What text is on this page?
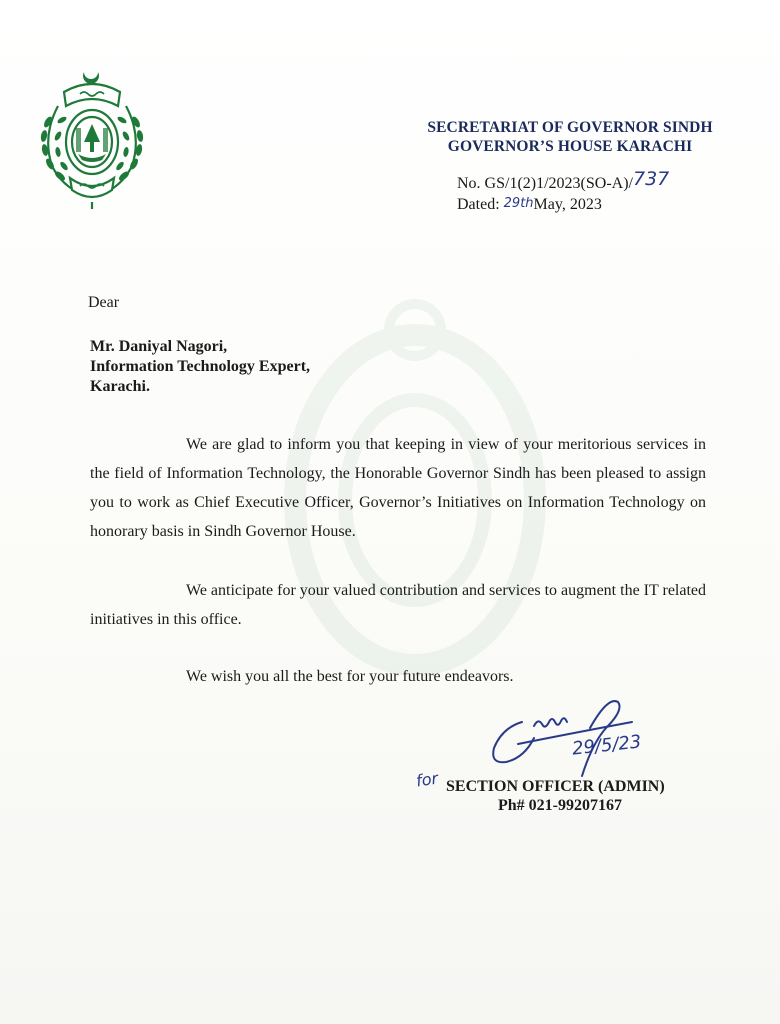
SECRETARIAT OF GOVERNOR SINDH
GOVERNOR’S HOUSE KARACHI
No. GS/1(2)1/2023(SO-A)/737
Dated: 29thMay, 2023
Dear
Mr. Daniyal Nagori,
Information Technology Expert,
Karachi.

We are glad to inform you that keeping in view of your meritorious services in the field of Information Technology, the Honorable Governor Sindh has been pleased to assign you to work as Chief Executive Officer, Governor’s Initiatives on Information Technology on honorary basis in Sindh Governor House.

We anticipate for your valued contribution and services to augment the IT related initiatives in this office.

We wish you all the best for your future endeavors.

for
29/5/23
SECTION OFFICER (ADMIN)
Ph# 021-99207167
